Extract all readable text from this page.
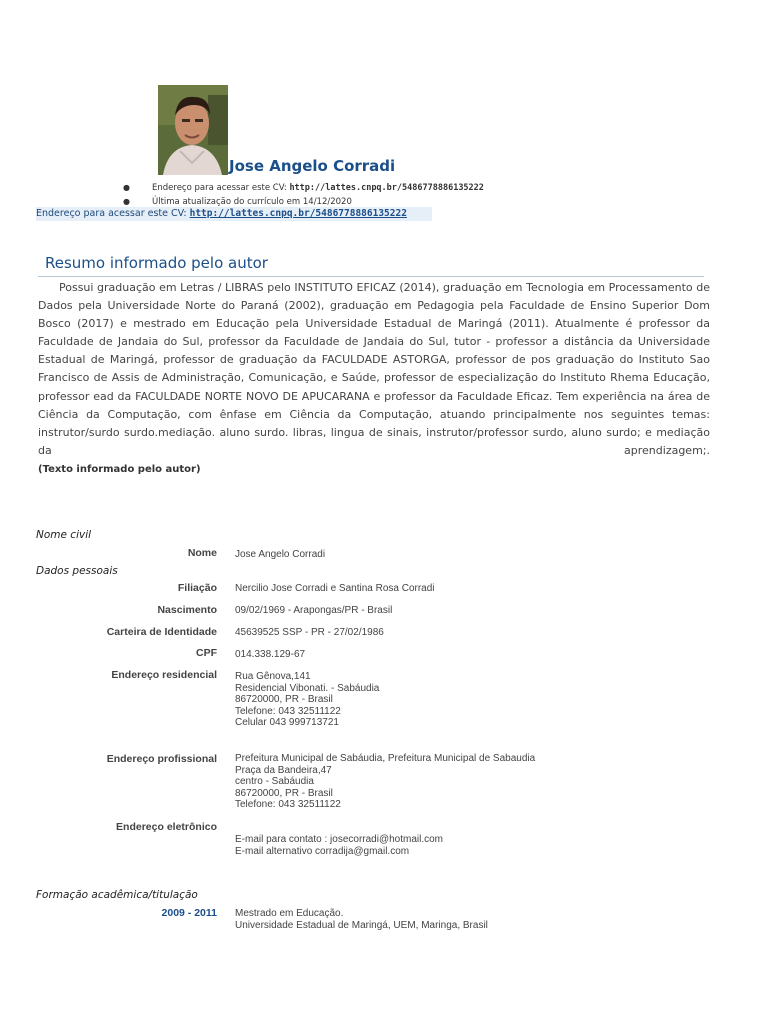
Jose Angelo Corradi
●	Endereço para acessar este CV: http://lattes.cnpq.br/5486778886135222
●	Última atualização do currículo em 14/12/2020
Endereço para acessar este CV: http://lattes.cnpq.br/5486778886135222
Resumo informado pelo autor

Possui graduação em Letras / LIBRAS pelo INSTITUTO EFICAZ (2014), graduação em Tecnologia em Processamento de Dados pela Universidade Norte do Paraná (2002), graduação em Pedagogia pela Faculdade de Ensino Superior Dom Bosco (2017) e mestrado em Educação pela Universidade Estadual de Maringá (2011). Atualmente é professor da Faculdade de Jandaia do Sul, professor da Faculdade de Jandaia do Sul, tutor - professor a distância da Universidade Estadual de Maringá, professor de graduação da FACULDADE ASTORGA, professor de pos graduação do Instituto Sao Francisco de Assis de Administração, Comunicação, e Saúde, professor de especialização do Instituto Rhema Educação, professor ead da FACULDADE NORTE NOVO DE APUCARANA e professor da Faculdade Eficaz. Tem experiência na área de Ciência da Computação, com ênfase em Ciência da Computação, atuando principalmente nos seguintes temas: instrutor/surdo surdo.mediação. aluno surdo. libras, lingua de sinais, instrutor/professor surdo, aluno surdo; e mediação da aprendizagem;.

(Texto informado pelo autor)
Nome civil
Nome Jose Angelo Corradi
Dados pessoais
Filiação Nercilio Jose Corradi e Santina Rosa Corradi
Nascimento 09/02/1969 - Arapongas/PR - Brasil
Carteira de Identidade 45639525 SSP - PR - 27/02/1986
CPF 014.338.129-67
Endereço residencial Rua Gênova,141
Residencial Vibonati. - Sabáudia
86720000, PR - Brasil
Telefone: 043 32511122
Celular 043 999713721
Endereço profissional Prefeitura Municipal de Sabáudia, Prefeitura Municipal de Sabaudia
Praça da Bandeira,47
centro - Sabáudia
86720000, PR - Brasil
Telefone: 043 32511122
Endereço eletrônico
E-mail para contato : josecorradi@hotmail.com
E-mail alternativo corradija@gmail.com
Formação acadêmica/titulação
2009 - 2011 Mestrado em Educação.
Universidade Estadual de Maringá, UEM, Maringa, Brasil
